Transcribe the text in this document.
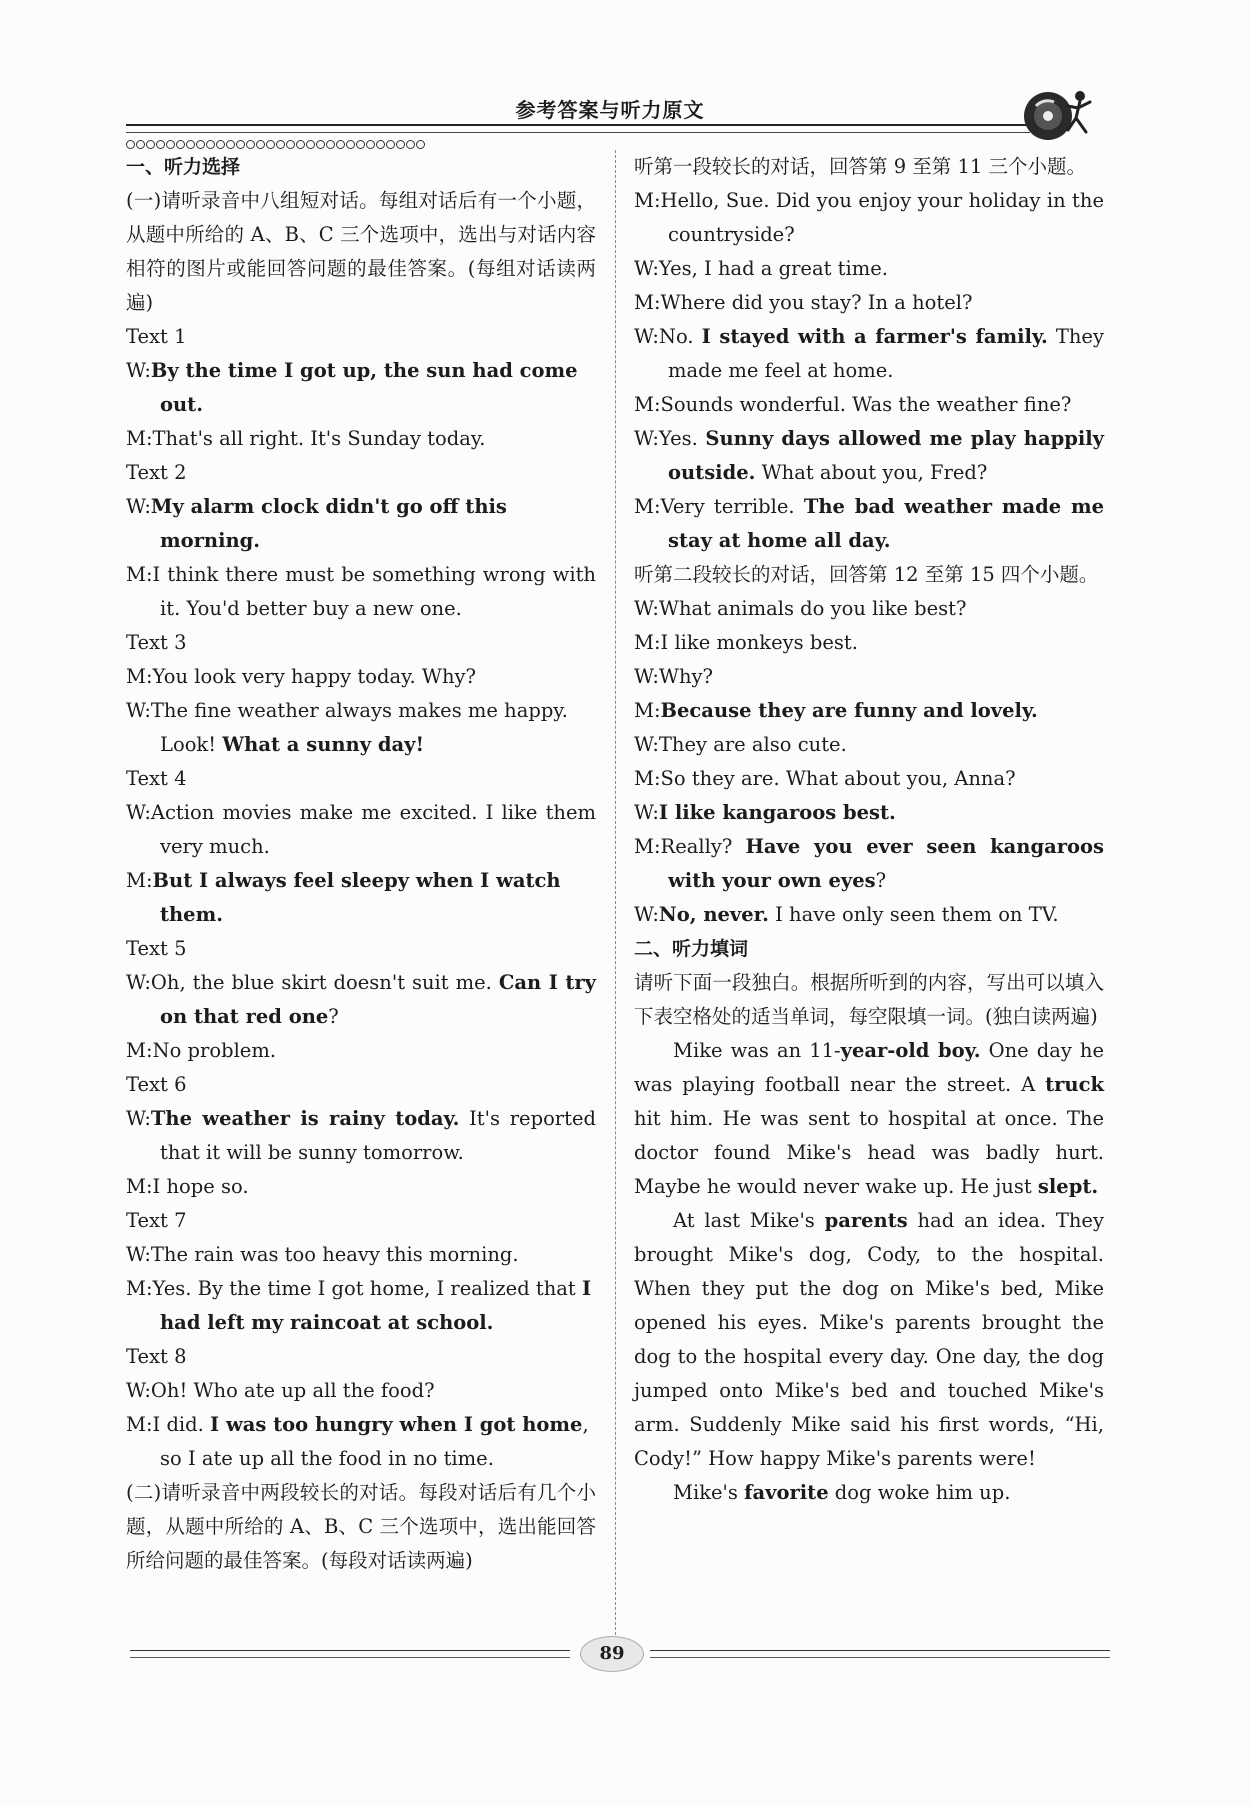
参考答案与听力原文

一、听力选择

(一)请听录音中八组短对话。每组对话后有一个小题，从题中所给的 A、B、C 三个选项中，选出与对话内容相符的图片或能回答问题的最佳答案。(每组对话读两遍)

Text 1

W:By the time I got up, the sun had come out.

M:That's all right. It's Sunday today.

Text 2

W:My alarm clock didn't go off this morning.

M:I think there must be something wrong with it. You'd better buy a new one.

Text 3

M:You look very happy today. Why?

W:The fine weather always makes me happy. Look! What a sunny day!

Text 4

W:Action movies make me excited. I like them very much.

M:But I always feel sleepy when I watch them.

Text 5

W:Oh, the blue skirt doesn't suit me. Can I try on that red one?

M:No problem.

Text 6

W:The weather is rainy today. It's reported that it will be sunny tomorrow.

M:I hope so.

Text 7

W:The rain was too heavy this morning.

M:Yes. By the time I got home, I realized that I had left my raincoat at school.

Text 8

W:Oh! Who ate up all the food?

M:I did. I was too hungry when I got home, so I ate up all the food in no time.

(二)请听录音中两段较长的对话。每段对话后有几个小题，从题中所给的 A、B、C 三个选项中，选出能回答所给问题的最佳答案。(每段对话读两遍)

听第一段较长的对话，回答第 9 至第 11 三个小题。

M:Hello, Sue. Did you enjoy your holiday in the countryside?

W:Yes, I had a great time.

M:Where did you stay? In a hotel?

W:No. I stayed with a farmer's family. They made me feel at home.

M:Sounds wonderful. Was the weather fine?

W:Yes. Sunny days allowed me play happily outside. What about you, Fred?

M:Very terrible. The bad weather made me stay at home all day.

听第二段较长的对话，回答第 12 至第 15 四个小题。

W:What animals do you like best?

M:I like monkeys best.

W:Why?

M:Because they are funny and lovely.

W:They are also cute.

M:So they are. What about you, Anna?

W:I like kangaroos best.

M:Really? Have you ever seen kangaroos with your own eyes?

W:No, never. I have only seen them on TV.

二、听力填词

请听下面一段独白。根据所听到的内容，写出可以填入下表空格处的适当单词，每空限填一词。(独白读两遍)

Mike was an 11-year-old boy. One day he was playing football near the street. A truck hit him. He was sent to hospital at once. The doctor found Mike's head was badly hurt. Maybe he would never wake up. He just slept.

At last Mike's parents had an idea. They brought Mike's dog, Cody, to the hospital. When they put the dog on Mike's bed, Mike opened his eyes. Mike's parents brought the dog to the hospital every day. One day, the dog jumped onto Mike's bed and touched Mike's arm. Suddenly Mike said his first words, “Hi, Cody!” How happy Mike's parents were!

Mike's favorite dog woke him up.

89
